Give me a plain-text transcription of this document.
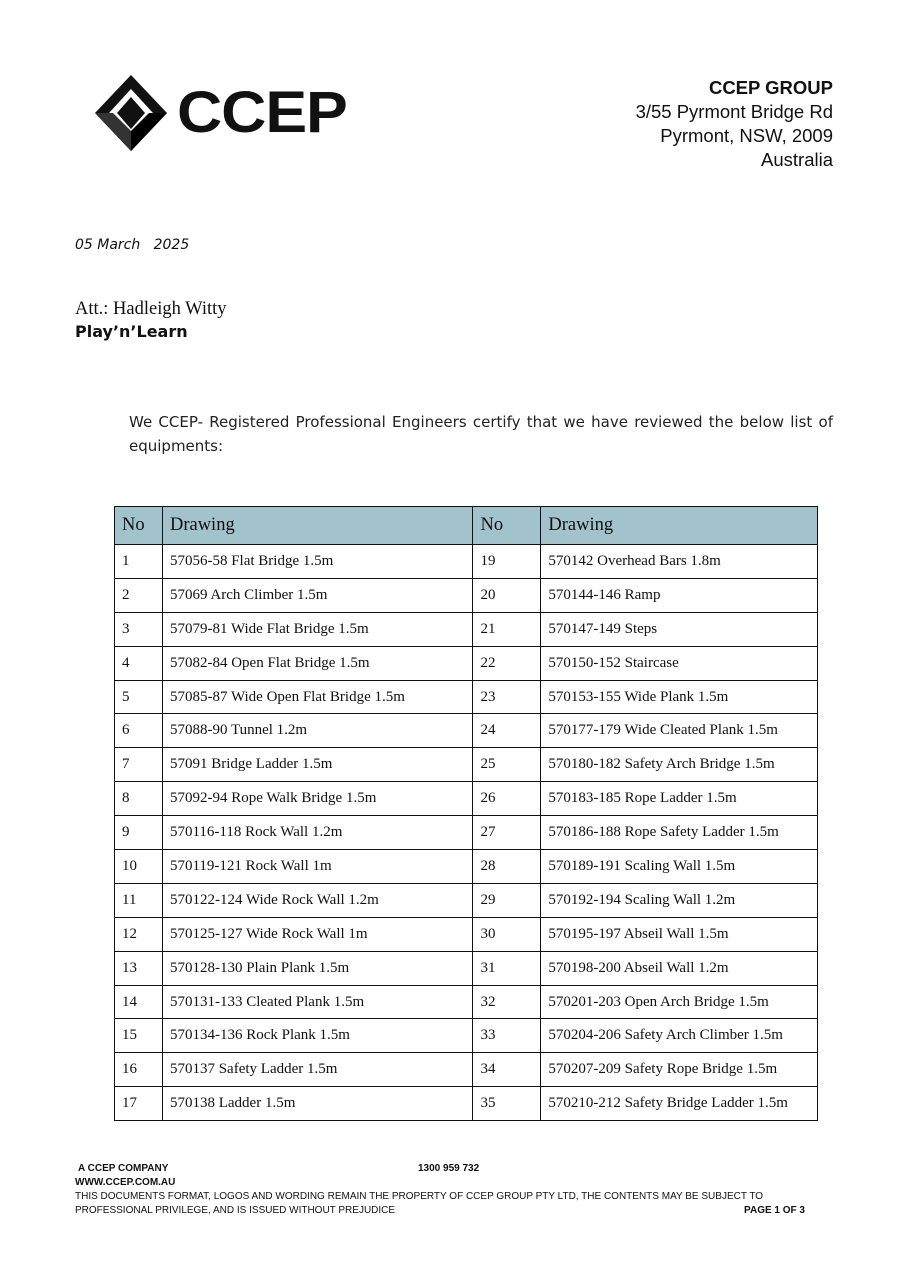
CCEP	CCEP GROUP
3/55 Pyrmont Bridge Rd
Pyrmont, NSW, 2009
Australia
05 March   2025
Att.: Hadleigh Witty
Play’n’Learn
We CCEP- Registered Professional Engineers certify that we have reviewed the below list of equipments:
No	Drawing	No	Drawing
1	57056-58 Flat Bridge 1.5m	19	570142 Overhead Bars 1.8m
2	57069 Arch Climber 1.5m	20	570144-146 Ramp
3	57079-81 Wide Flat Bridge 1.5m	21	570147-149 Steps
4	57082-84 Open Flat Bridge 1.5m	22	570150-152 Staircase
5	57085-87 Wide Open Flat Bridge 1.5m	23	570153-155 Wide Plank 1.5m
6	57088-90 Tunnel 1.2m	24	570177-179 Wide Cleated Plank 1.5m
7	57091 Bridge Ladder 1.5m	25	570180-182 Safety Arch Bridge 1.5m
8	57092-94 Rope Walk Bridge 1.5m	26	570183-185 Rope Ladder 1.5m
9	570116-118 Rock Wall 1.2m	27	570186-188 Rope Safety Ladder 1.5m
10	570119-121 Rock Wall 1m	28	570189-191 Scaling Wall 1.5m
11	570122-124 Wide Rock Wall 1.2m	29	570192-194 Scaling Wall 1.2m
12	570125-127 Wide Rock Wall 1m	30	570195-197 Abseil Wall 1.5m
13	570128-130 Plain Plank 1.5m	31	570198-200 Abseil Wall 1.2m
14	570131-133 Cleated Plank 1.5m	32	570201-203 Open Arch Bridge 1.5m
15	570134-136 Rock Plank 1.5m	33	570204-206 Safety Arch Climber 1.5m
16	570137 Safety Ladder 1.5m	34	570207-209 Safety Rope Bridge 1.5m
17	570138 Ladder 1.5m	35	570210-212 Safety Bridge Ladder 1.5m
A CCEP COMPANY	1300 959 732
WWW.CCEP.COM.AU
THIS DOCUMENTS FORMAT, LOGOS AND WORDING REMAIN THE PROPERTY OF CCEP GROUP PTY LTD, THE CONTENTS MAY BE SUBJECT TO PROFESSIONAL PRIVILEGE, AND IS ISSUED WITHOUT PREJUDICE	PAGE 1 OF 3
